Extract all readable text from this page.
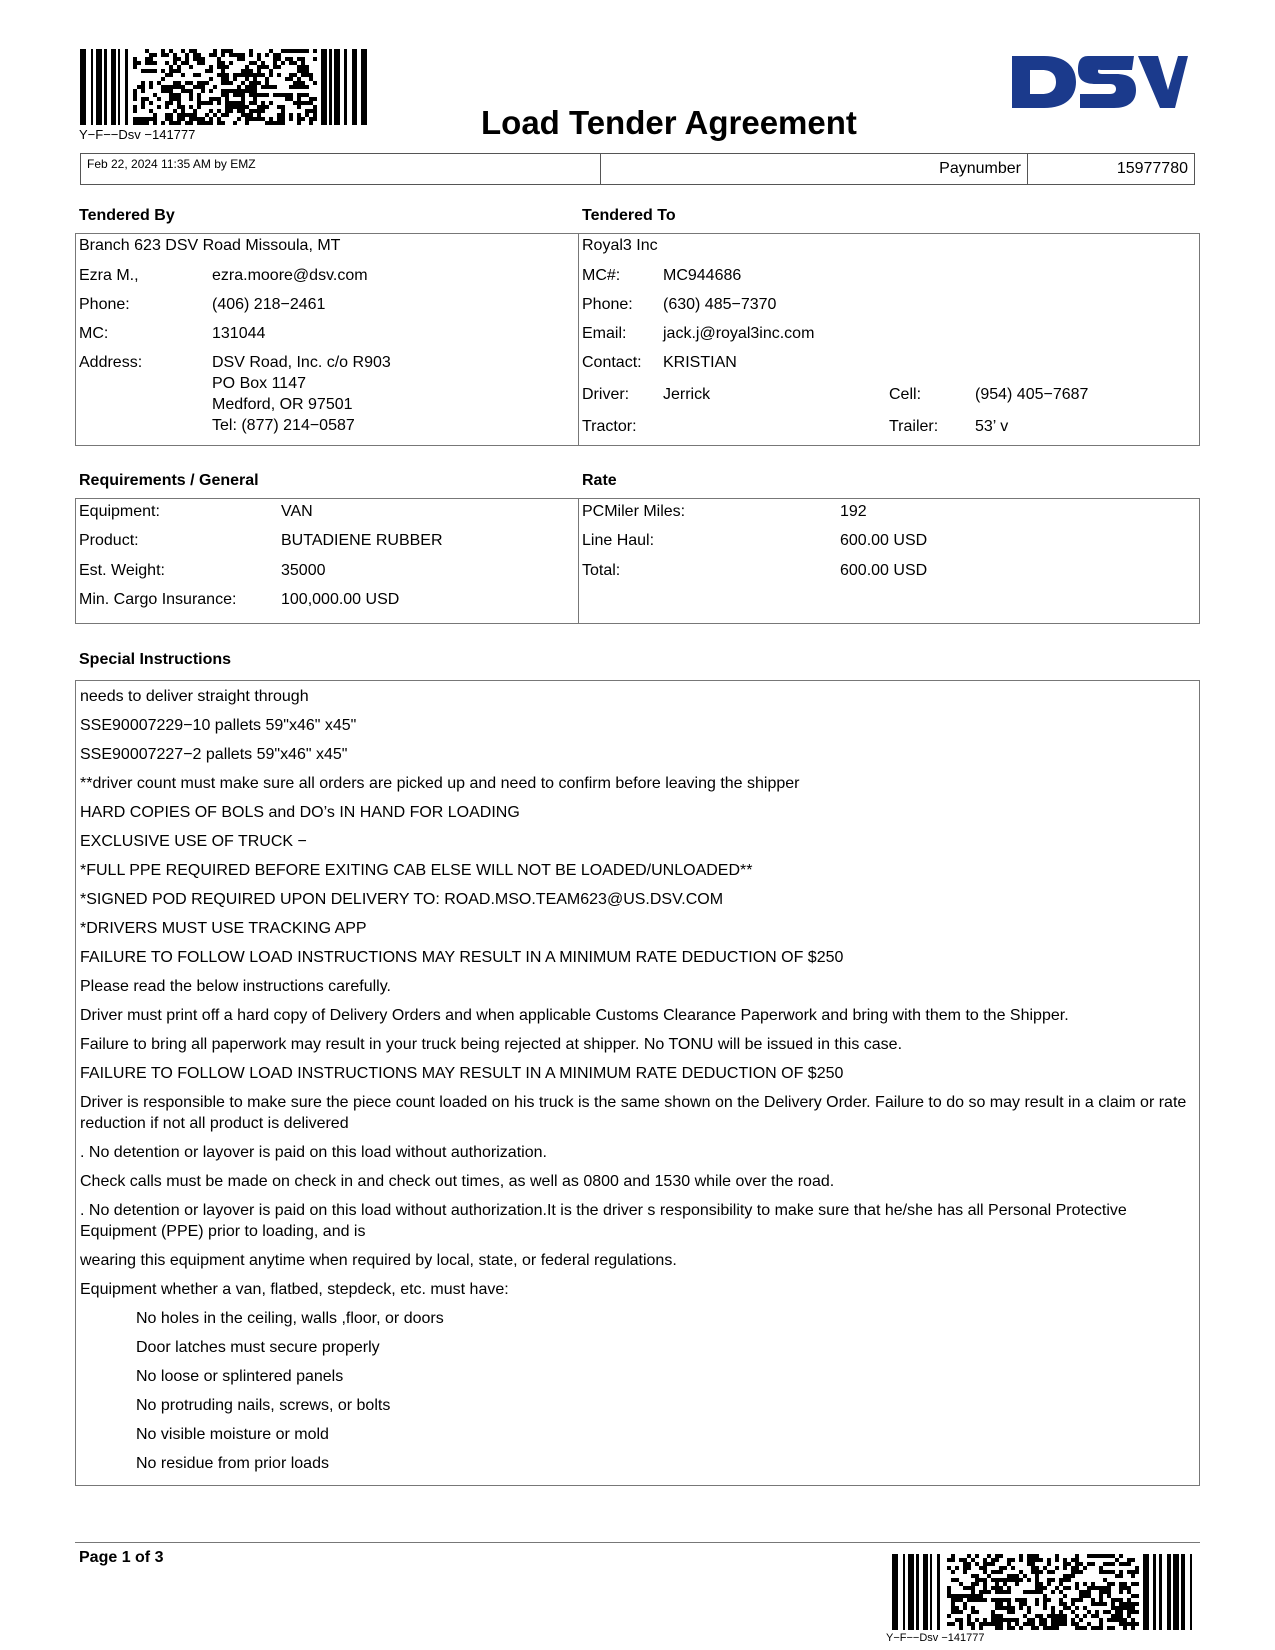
Y−F−−Dsv −141777	Load Tender Agreement
Feb 22, 2024 11:35 AM by EMZ	Paynumber	15977780
Tendered By	Tendered To
Branch 623 DSV Road Missoula, MT
Ezra M.,	ezra.moore@dsv.com
Phone:	(406) 218−2461
MC:	131044
Address:	DSV Road, Inc. c/o R903
PO Box 1147
Medford, OR 97501
Tel: (877) 214−0587
Royal3 Inc
MC#:	MC944686
Phone: (630) 485−7370
Email: jack.j@royal3inc.com
Contact: KRISTIAN
Driver: Jerrick	Cell:	(954) 405−7687
Tractor:	Trailer: 53’ v
Requirements / General	Rate
Equipment:	VAN
Product:	BUTADIENE RUBBER
Est. Weight:	35000
Min. Cargo Insurance:	100,000.00 USD
PCMiler Miles:	192
Line Haul:	600.00 USD
Total:	600.00 USD
Special Instructions
needs to deliver straight through
SSE90007229−10 pallets 59"x46" x45"
SSE90007227−2 pallets 59"x46" x45"
**driver count must make sure all orders are picked up and need to confirm before leaving the shipper
HARD COPIES OF BOLS and DO’s IN HAND FOR LOADING
EXCLUSIVE USE OF TRUCK −
*FULL PPE REQUIRED BEFORE EXITING CAB ELSE WILL NOT BE LOADED/UNLOADED**
*SIGNED POD REQUIRED UPON DELIVERY TO: ROAD.MSO.TEAM623@US.DSV.COM
*DRIVERS MUST USE TRACKING APP
FAILURE TO FOLLOW LOAD INSTRUCTIONS MAY RESULT IN A MINIMUM RATE DEDUCTION OF $250
Please read the below instructions carefully.
Driver must print off a hard copy of Delivery Orders and when applicable Customs Clearance Paperwork and bring with them to the Shipper.
Failure to bring all paperwork may result in your truck being rejected at shipper. No TONU will be issued in this case.
FAILURE TO FOLLOW LOAD INSTRUCTIONS MAY RESULT IN A MINIMUM RATE DEDUCTION OF $250
Driver is responsible to make sure the piece count loaded on his truck is the same shown on the Delivery Order. Failure to do so may result in a claim or rate reduction if not all product is delivered
. No detention or layover is paid on this load without authorization.
Check calls must be made on check in and check out times, as well as 0800 and 1530 while over the road.
. No detention or layover is paid on this load without authorization.It is the driver s responsibility to make sure that he/she has all Personal Protective Equipment (PPE) prior to loading, and is
wearing this equipment anytime when required by local, state, or federal regulations.
Equipment whether a van, flatbed, stepdeck, etc. must have:
No holes in the ceiling, walls ,floor, or doors
Door latches must secure properly
No loose or splintered panels
No protruding nails, screws, or bolts
No visible moisture or mold
No residue from prior loads
Page 1 of 3
Y−F−−Dsv −141777
